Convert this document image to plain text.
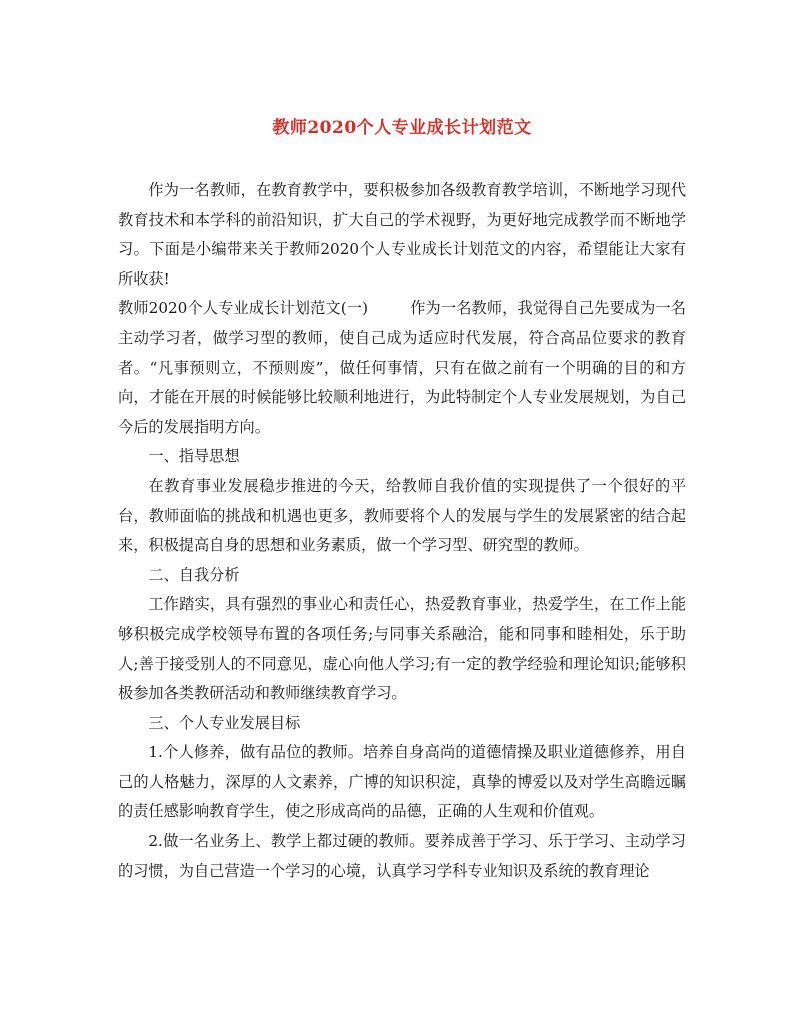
教师2020个人专业成长计划范文

作为一名教师，在教育教学中，要积极参加各级教育教学培训，不断地学习现代教育技术和本学科的前沿知识，扩大自己的学术视野，为更好地完成教学而不断地学习。下面是小编带来关于教师2020个人专业成长计划范文的内容，希望能让大家有所收获!

教师2020个人专业成长计划范文(一)	作为一名教师，我觉得自己先要成为一名主动学习者，做学习型的教师，使自己成为适应时代发展，符合高品位要求的教育者。“凡事预则立，不预则废”，做任何事情，只有在做之前有一个明确的目的和方向，才能在开展的时候能够比较顺利地进行，为此特制定个人专业发展规划，为自己今后的发展指明方向。

一、指导思想

在教育事业发展稳步推进的今天，给教师自我价值的实现提供了一个很好的平台，教师面临的挑战和机遇也更多，教师要将个人的发展与学生的发展紧密的结合起来，积极提高自身的思想和业务素质，做一个学习型、研究型的教师。

二、自我分析

工作踏实，具有强烈的事业心和责任心，热爱教育事业，热爱学生，在工作上能够积极完成学校领导布置的各项任务;与同事关系融洽，能和同事和睦相处，乐于助人;善于接受别人的不同意见，虚心向他人学习;有一定的教学经验和理论知识;能够积极参加各类教研活动和教师继续教育学习。

三、个人专业发展目标

1.个人修养，做有品位的教师。培养自身高尚的道德情操及职业道德修养，用自己的人格魅力，深厚的人文素养，广博的知识积淀，真挚的博爱以及对学生高瞻远瞩的责任感影响教育学生，使之形成高尚的品德，正确的人生观和价值观。

2.做一名业务上、教学上都过硬的教师。要养成善于学习、乐于学习、主动学习的习惯，为自己营造一个学习的心境，认真学习学科专业知识及系统的教育理论
